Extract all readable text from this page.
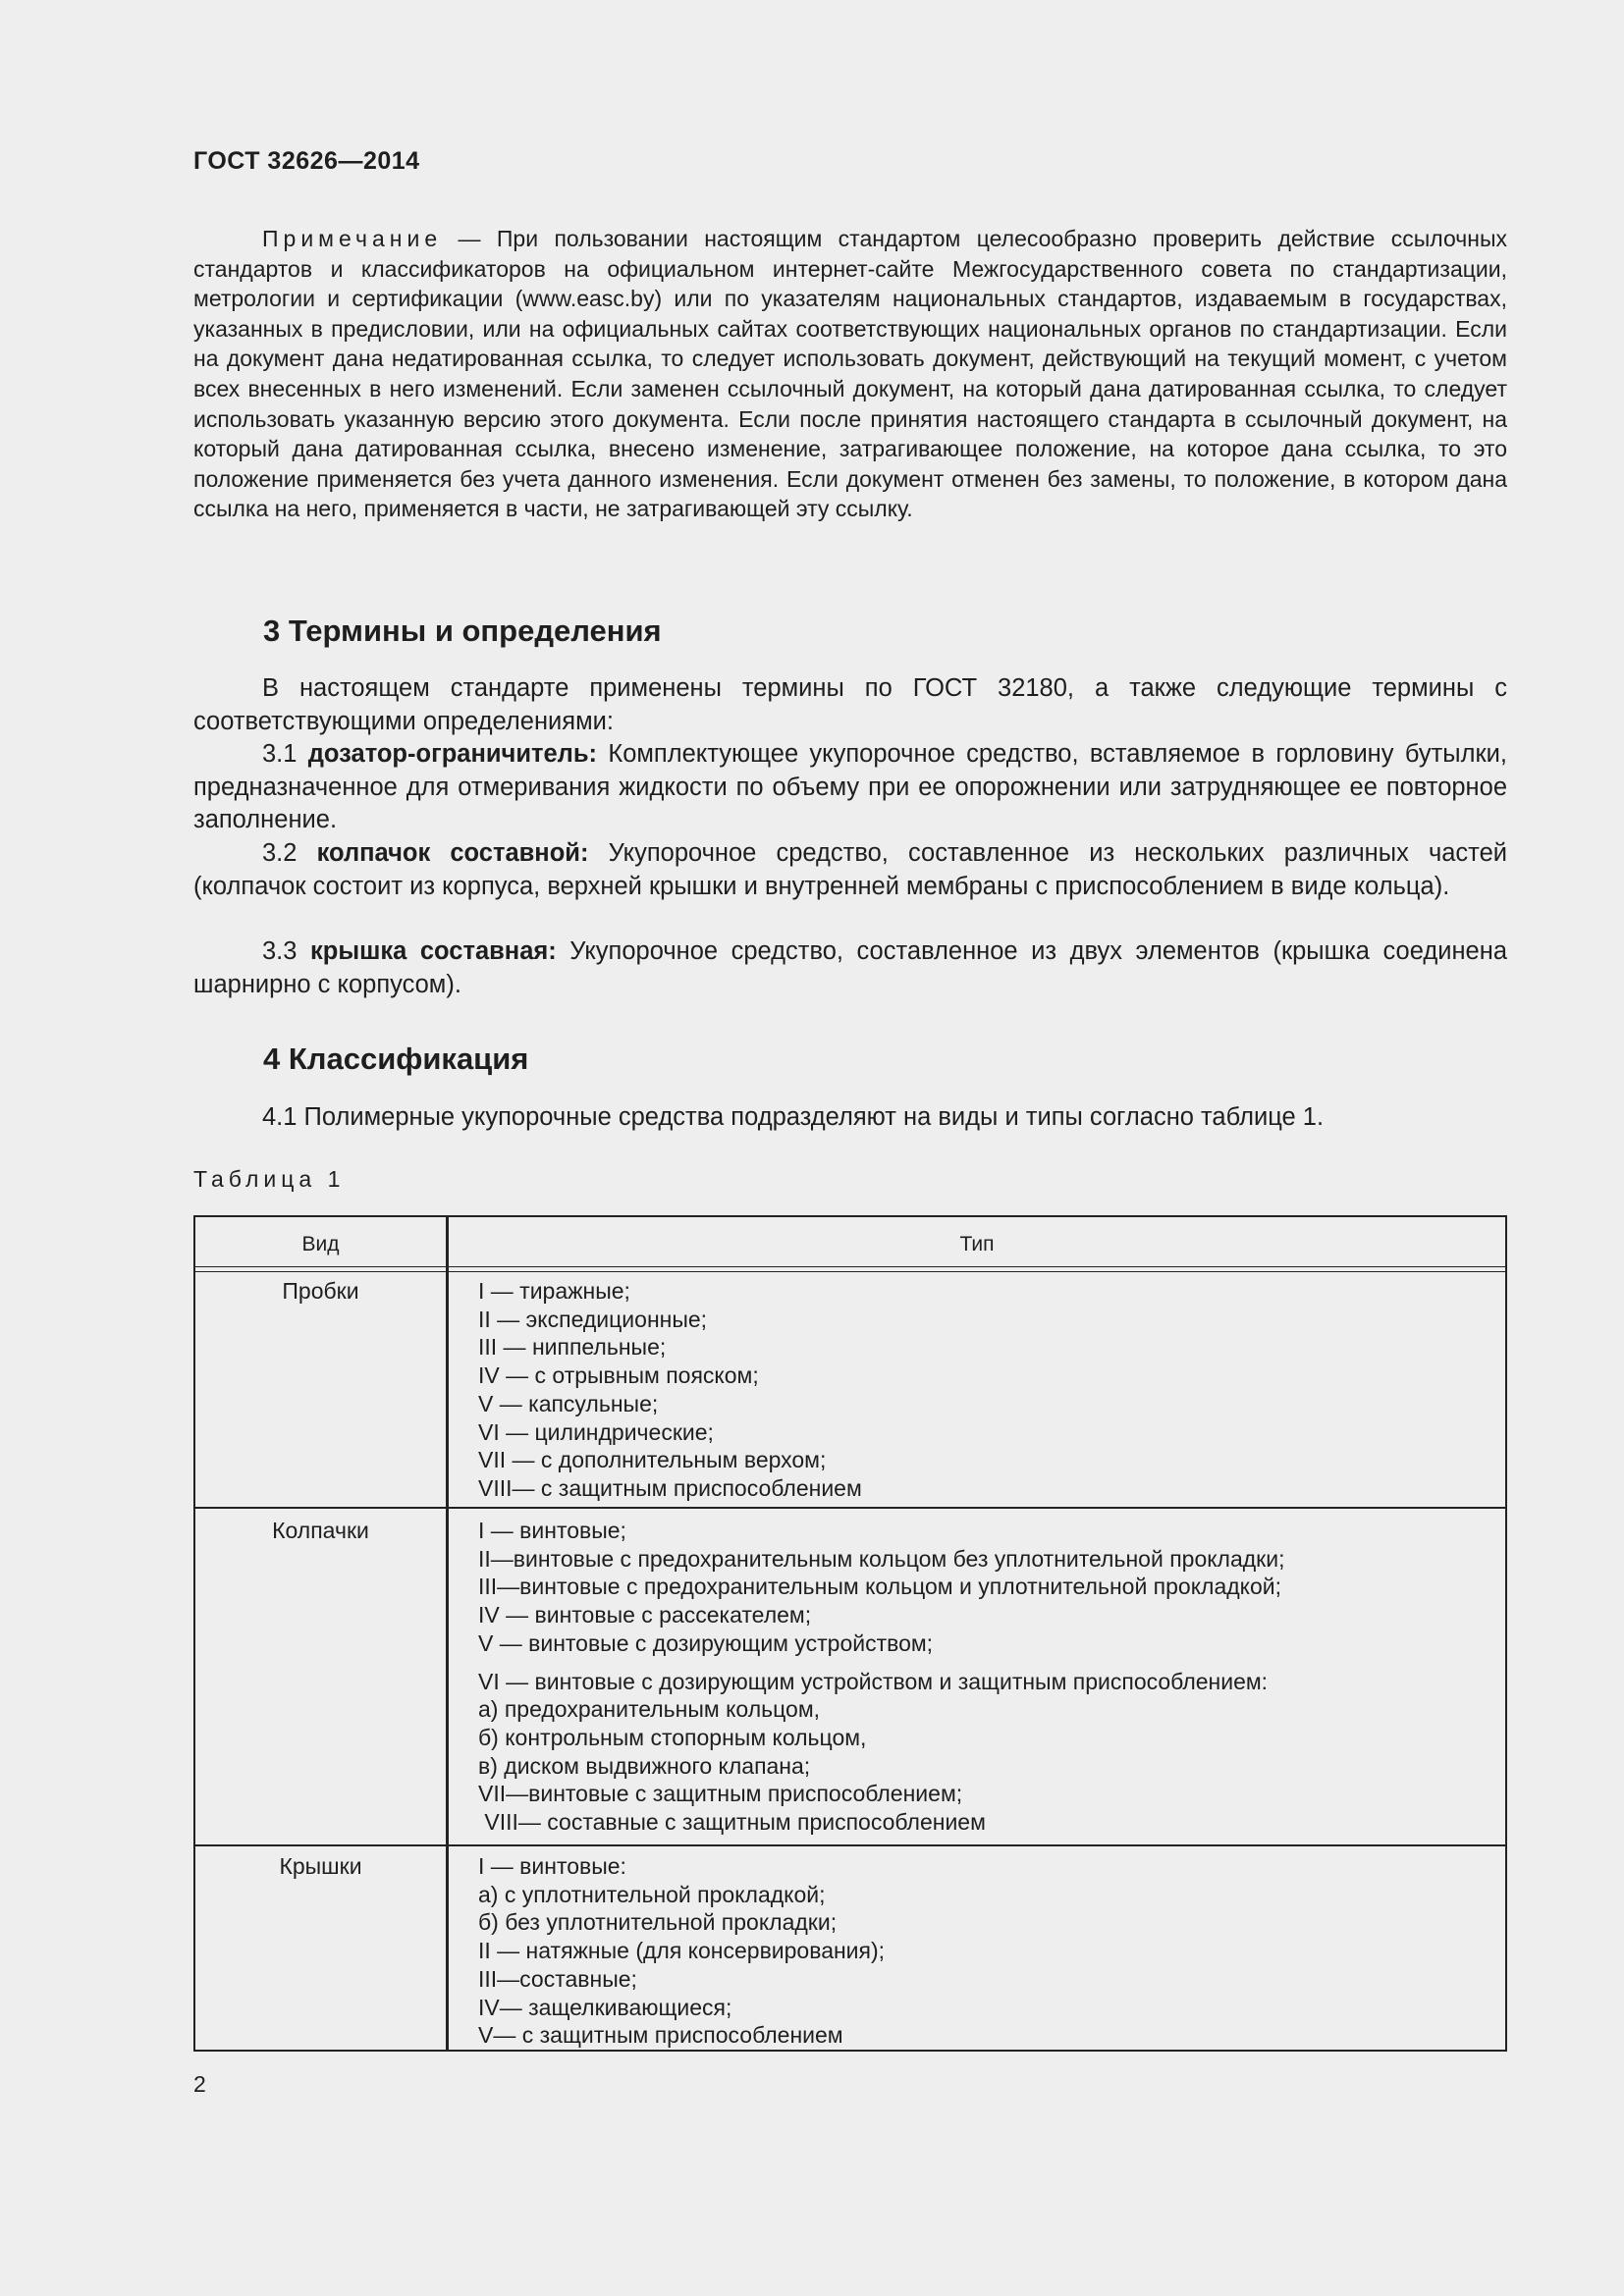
ГОСТ 32626—2014
Примечание — При пользовании настоящим стандартом целесообразно проверить действие ссылочных стандартов и классификаторов на официальном интернет-сайте Межгосударственного совета по стандартизации, метрологии и сертификации (www.easc.by) или по указателям национальных стандартов, издаваемым в государствах, указанных в предисловии, или на официальных сайтах соответствующих национальных органов по стандартизации. Если на документ дана недатированная ссылка, то следует использовать документ, действующий на текущий момент, с учетом всех внесенных в него изменений. Если заменен ссылочный документ, на который дана датированная ссылка, то следует использовать указанную версию этого документа. Если после принятия настоящего стандарта в ссылочный документ, на который дана датированная ссылка, внесено изменение, затрагивающее положение, на которое дана ссылка, то это положение применяется без учета данного изменения. Если документ отменен без замены, то положение, в котором дана ссылка на него, применяется в части, не затрагивающей эту ссылку.
3 Термины и определения
В настоящем стандарте применены термины по ГОСТ 32180, а также следующие термины с соответствующими определениями:
3.1 дозатор-ограничитель: Комплектующее укупорочное средство, вставляемое в горловину бутылки, предназначенное для отмеривания жидкости по объему при ее опорожнении или затрудняющее ее повторное заполнение.
3.2 колпачок составной: Укупорочное средство, составленное из нескольких различных частей (колпачок состоит из корпуса, верхней крышки и внутренней мембраны с приспособлением в виде кольца).
3.3 крышка составная: Укупорочное средство, составленное из двух элементов (крышка соединена шарнирно с корпусом).
4 Классификация
4.1 Полимерные укупорочные средства подразделяют на виды и типы согласно таблице 1.
Таблица 1
Вид	Тип
Пробки	I — тиражные;
II — экспедиционные;
III — ниппельные;
IV — с отрывным пояском;
V — капсульные;
VI — цилиндрические;
VII — с дополнительным верхом;
VIII— с защитным приспособлением
Колпачки	I — винтовые;
II—винтовые с предохранительным кольцом без уплотнительной прокладки;
III—винтовые с предохранительным кольцом и уплотнительной прокладкой;
IV — винтовые с рассекателем;
V — винтовые с дозирующим устройством;
VI — винтовые с дозирующим устройством и защитным приспособлением:
а) предохранительным кольцом,
б) контрольным стопорным кольцом,
в) диском выдвижного клапана;
VII—винтовые с защитным приспособлением;
VIII— составные с защитным приспособлением
Крышки	I — винтовые:
а) с уплотнительной прокладкой;
б) без уплотнительной прокладки;
II — натяжные (для консервирования);
III—составные;
IV— защелкивающиеся;
V— с защитным приспособлением
2
